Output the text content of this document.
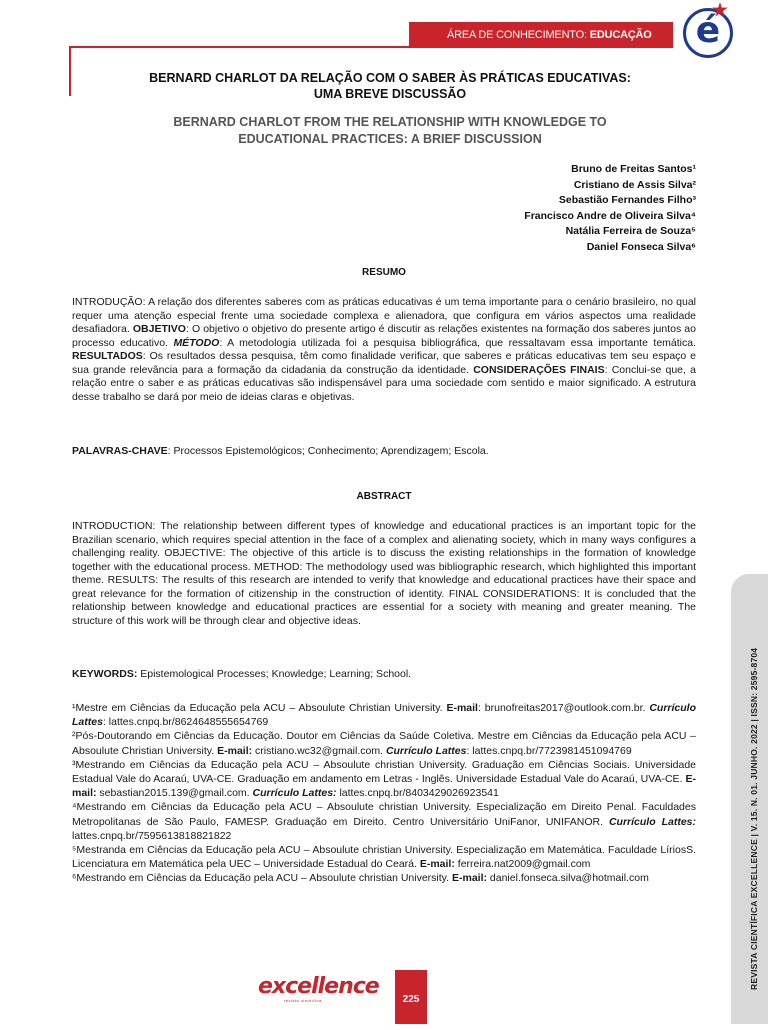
ÁREA DE CONHECIMENTO: EDUCAÇÃO	é
BERNARD CHARLOT DA RELAÇÃO COM O SABER ÀS PRÁTICAS EDUCATIVAS:
UMA BREVE DISCUSSÃO
BERNARD CHARLOT FROM THE RELATIONSHIP WITH KNOWLEDGE TO
EDUCATIONAL PRACTICES: A BRIEF DISCUSSION
Bruno de Freitas Santos¹
Cristiano de Assis Silva²
Sebastião Fernandes Filho³
Francisco Andre de Oliveira Silva⁴
Natália Ferreira de Souza⁵
Daniel Fonseca Silva⁶
RESUMO
INTRODUÇÃO: A relação dos diferentes saberes com as práticas educativas é um tema importante para o cenário brasileiro, no qual requer uma atenção especial frente uma sociedade complexa e alienadora, que configura em vários aspectos uma realidade desafiadora. OBJETIVO: O objetivo o objetivo do presente artigo é discutir as relações existentes na formação dos saberes juntos ao processo educativo. MÉTODO: A metodologia utilizada foi a pesquisa bibliográfica, que ressaltavam essa importante temática. RESULTADOS: Os resultados dessa pesquisa, têm como finalidade verificar, que saberes e práticas educativas tem seu espaço e sua grande relevância para a formação da cidadania da construção da identidade. CONSIDERAÇÕES FINAIS: Conclui-se que, a relação entre o saber e as práticas educativas são indispensável para uma sociedade com sentido e maior significado. A estrutura desse trabalho se dará por meio de ideias claras e objetivas.
PALAVRAS-CHAVE: Processos Epistemológicos; Conhecimento; Aprendizagem; Escola.
ABSTRACT
INTRODUCTION: The relationship between different types of knowledge and educational practices is an important topic for the Brazilian scenario, which requires special attention in the face of a complex and alienating society, which in many ways configures a challenging reality. OBJECTIVE: The objective of this article is to discuss the existing relationships in the formation of knowledge together with the educational process. METHOD: The methodology used was bibliographic research, which highlighted this important theme. RESULTS: The results of this research are intended to verify that knowledge and educational practices have their space and great relevance for the formation of citizenship in the construction of identity. FINAL CONSIDERATIONS: It is concluded that the relationship between knowledge and educational practices are essential for a society with meaning and greater meaning. The structure of this work will be through clear and objective ideas.
KEYWORDS: Epistemological Processes; Knowledge; Learning; School.
¹Mestre em Ciências da Educação pela ACU – Absoulute Christian University. E-mail: brunofreitas2017@outlook.com.br. Currículo Lattes: lattes.cnpq.br/8624648555654769
²Pós-Doutorando em Ciências da Educação. Doutor em Ciências da Saúde Coletiva. Mestre em Ciências da Educação pela ACU – Absoulute Christian University. E-mail: cristiano.wc32@gmail.com. Currículo Lattes: lattes.cnpq.br/7723981451094769
³Mestrando em Ciências da Educação pela ACU – Absoulute christian University. Graduação em Ciências Sociais. Universidade Estadual Vale do Acaraú, UVA-CE. Graduação em andamento em Letras - Inglês. Universidade Estadual Vale do Acaraú, UVA-CE. E-mail: sebastian2015.139@gmail.com. Currículo Lattes: lattes.cnpq.br/8403429026923541
⁴Mestrando em Ciências da Educação pela ACU – Absoulute christian University. Especialização em Direito Penal. Faculdades Metropolitanas de São Paulo, FAMESP. Graduação em Direito. Centro Universitário UniFanor, UNIFANOR. Currículo Lattes: lattes.cnpq.br/7595613818821822
⁵Mestranda em Ciências da Educação pela ACU – Absoulute christian University. Especialização em Matemática. Faculdade LíriosS. Licenciatura em Matemática pela UEC – Universidade Estadual do Ceará. E-mail: ferreira.nat2009@gmail.com
⁶Mestrando em Ciências da Educação pela ACU – Absoulute christian University. E-mail: daniel.fonseca.silva@hotmail.com	REVISTA CIENTÍFICA EXCELLENCE | V. 15. N. 01. JUNHO. 2022 | ISSN: 2595-8704
excellence
revista científica	225
